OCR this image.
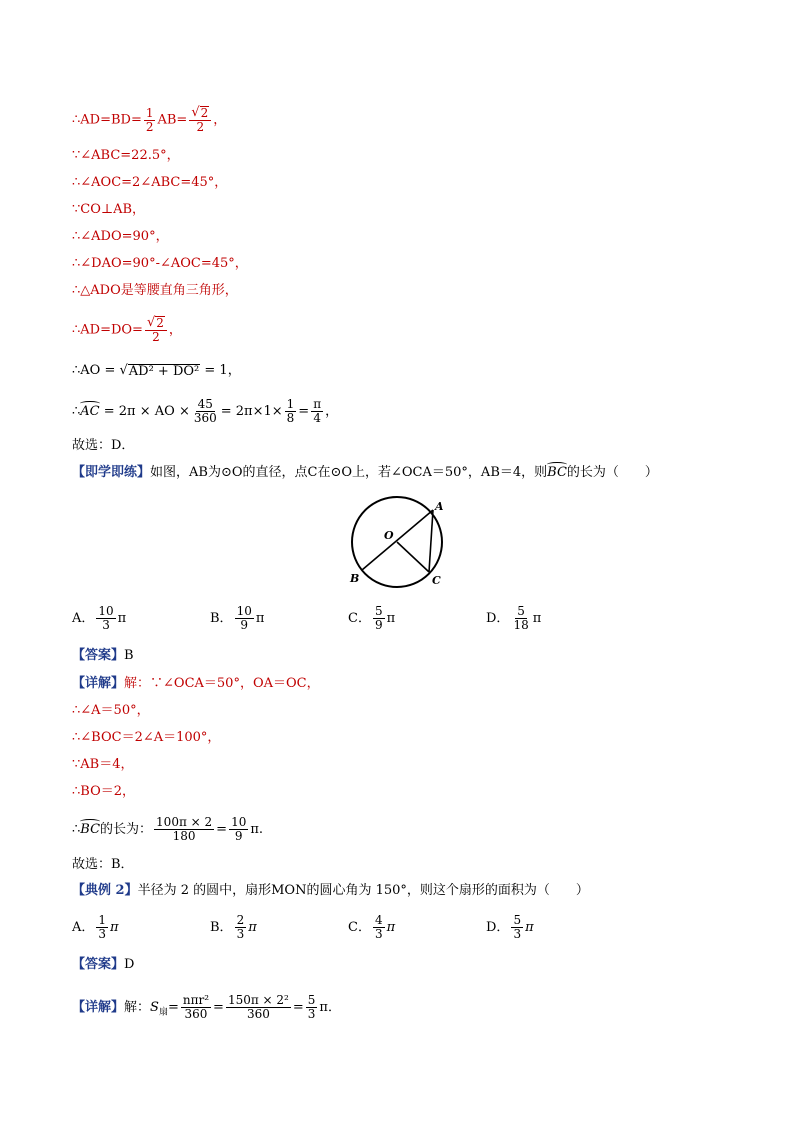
∴AD=BD= $\frac{1}{2} AB= \frac{√ 2}{2}$ ，
∵∠ABC=22.5°，
∴∠AOC=2∠ABC=45°，
∵CO⊥AB，
∴∠ADO=90°，
∴∠DAO=90°-∠AOC=45°，
∴△ADO是等腰直角三角形，
∴AD=DO= $\frac{√ 2}{2}$ ，
∴AO = √ AD² + DO² = 1，
∴AC = 2π × AO × $\frac{45}{360} = 2\pi\times 1\times \frac{1}{8} = \frac{\pi}{4}$ ，
故选：D．
【即学即练】如图，AB为⊙O的直径，点C在⊙O上，若∠OCA＝50°，AB＝4，则BC的长为（　　）
A
B	C
O
A． $\frac{10}{3}$ π	B． $\frac{10}{9}$ π	C． $\frac{5}{9}$ π	D． $\frac{5}{18}$ π
【答案】B
【详解】解：∵∠OCA＝50°，OA＝OC，
∴∠A＝50°，
∴∠BOC＝2∠A＝100°，
∵AB＝4，
∴BO＝2，
∴BC的长为： $\frac{100\pi \times 2}{180} = \frac{10}{9} \pi$.
故选：B．
【典例 2】半径为 2 的圆中，扇形MON的圆心角为 150°，则这个扇形的面积为（　　）
A． $\frac{1}{3}$ π	B． $\frac{2}{3}$ π	C． $\frac{4}{3}$ π	D． $\frac{5}{3}$ π
【答案】D
【详解】解：$S_扇= \frac{\text{nπr²}}{360} = \frac{\text{150π × 2²}}{360} = \frac{5}{3}$ π．
